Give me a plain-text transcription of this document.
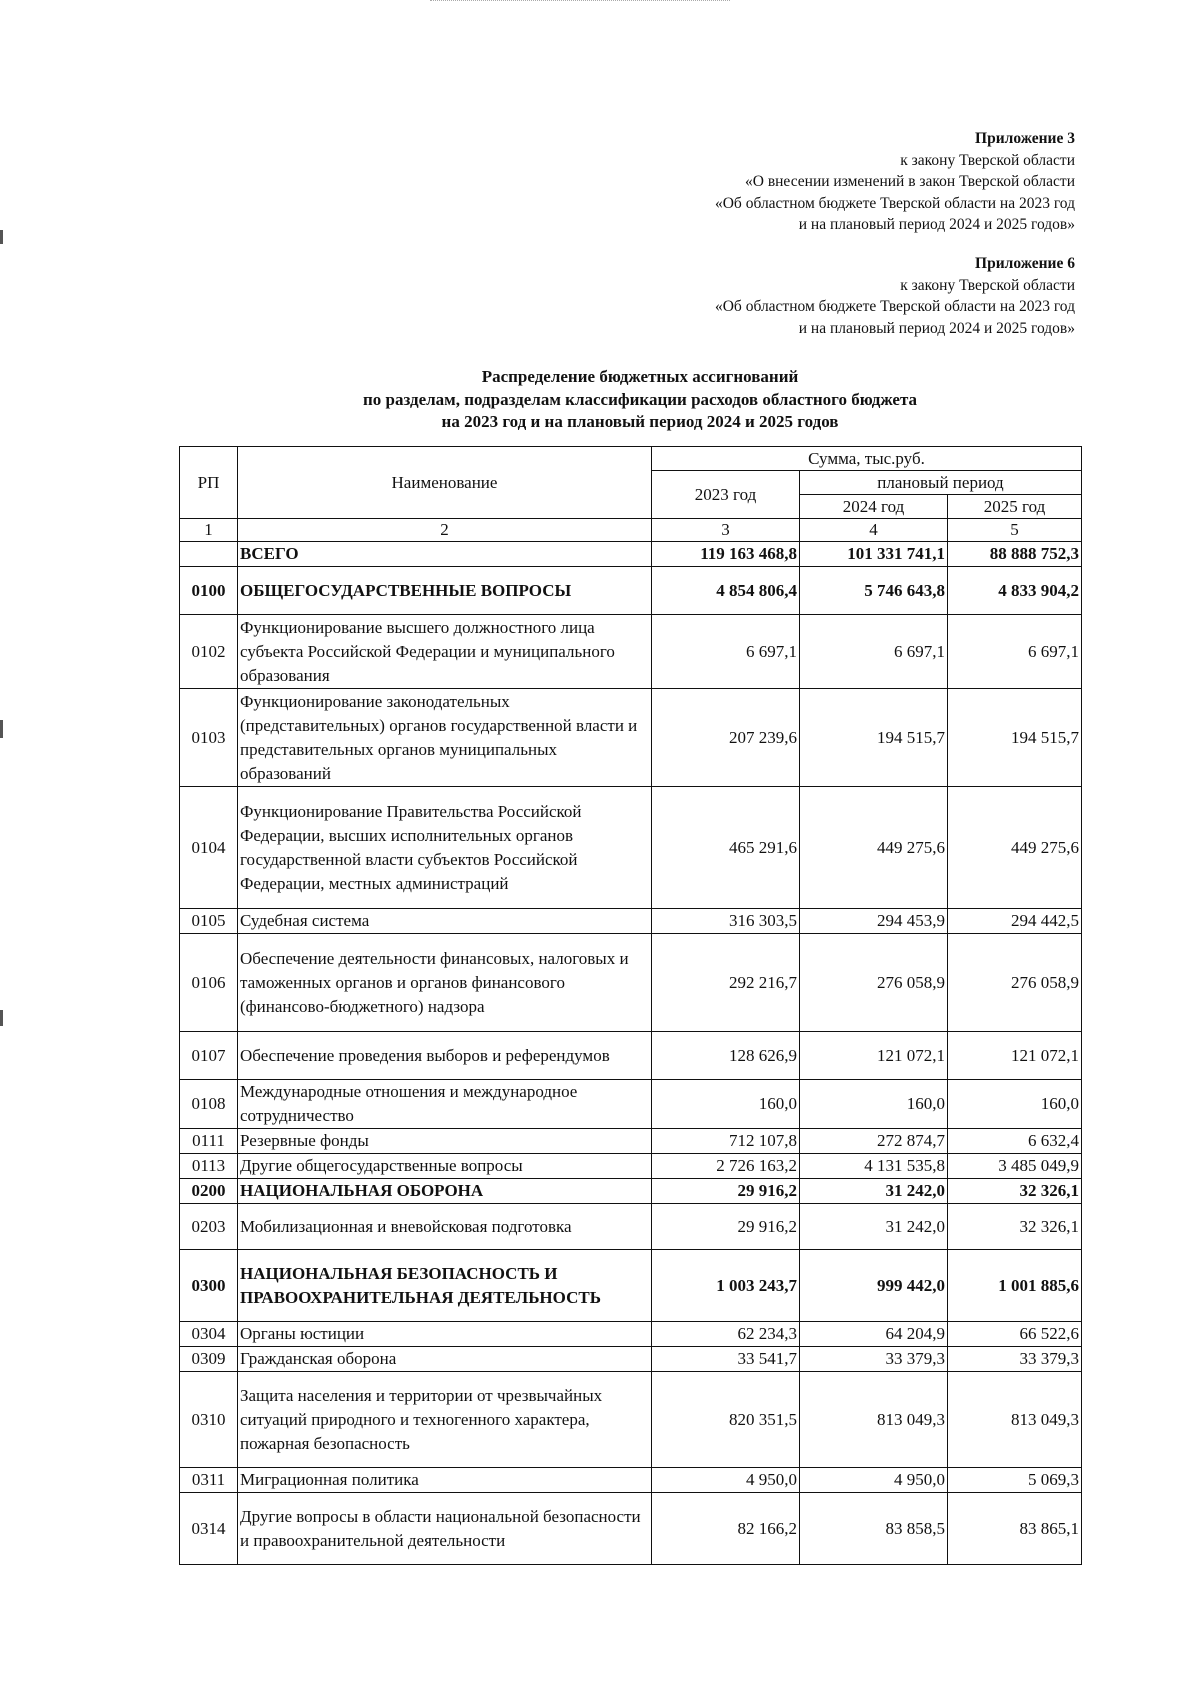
Приложение 3
к закону Тверской области
«О внесении изменений в закон Тверской области
«Об областном бюджете Тверской области на 2023 год
и на плановый период 2024 и 2025 годов»
Приложение 6
к закону Тверской области
«Об областном бюджете Тверской области на 2023 год
и на плановый период 2024 и 2025 годов»
Распределение бюджетных ассигнований
по разделам, подразделам классификации расходов областного бюджета
на 2023 год и на плановый период 2024 и 2025 годов
РП	Наименование	Сумма, тыс.руб.		
		2023 год	плановый период	
			2024 год	2025 год
1	2	3	4	5
	ВСЕГО	119 163 468,8	101 331 741,1	88 888 752,3
0100	ОБЩЕГОСУДАРСТВЕННЫЕ ВОПРОСЫ	4 854 806,4	5 746 643,8	4 833 904,2
0102	Функционирование высшего должностного лица субъекта Российской Федерации и муниципального образования	6 697,1	6 697,1	6 697,1
0103	Функционирование законодательных (представительных) органов государственной власти и представительных органов муниципальных образований	207 239,6	194 515,7	194 515,7
0104	Функционирование Правительства Российской Федерации, высших исполнительных органов государственной власти субъектов Российской Федерации, местных администраций	465 291,6	449 275,6	449 275,6
0105	Судебная система	316 303,5	294 453,9	294 442,5
0106	Обеспечение деятельности финансовых, налоговых и таможенных органов и органов финансового (финансово-бюджетного) надзора	292 216,7	276 058,9	276 058,9
0107	Обеспечение проведения выборов и референдумов	128 626,9	121 072,1	121 072,1
0108	Международные отношения и международное сотрудничество	160,0	160,0	160,0
0111	Резервные фонды	712 107,8	272 874,7	6 632,4
0113	Другие общегосударственные вопросы	2 726 163,2	4 131 535,8	3 485 049,9
0200	НАЦИОНАЛЬНАЯ ОБОРОНА	29 916,2	31 242,0	32 326,1
0203	Мобилизационная и вневойсковая подготовка	29 916,2	31 242,0	32 326,1
0300	НАЦИОНАЛЬНАЯ БЕЗОПАСНОСТЬ И ПРАВООХРАНИТЕЛЬНАЯ ДЕЯТЕЛЬНОСТЬ	1 003 243,7	999 442,0	1 001 885,6
0304	Органы юстиции	62 234,3	64 204,9	66 522,6
0309	Гражданская оборона	33 541,7	33 379,3	33 379,3
0310	Защита населения и территории от чрезвычайных ситуаций природного и техногенного характера, пожарная безопасность	820 351,5	813 049,3	813 049,3
0311	Миграционная политика	4 950,0	4 950,0	5 069,3
0314	Другие вопросы в области национальной безопасности и правоохранительной деятельности	82 166,2	83 858,5	83 865,1
